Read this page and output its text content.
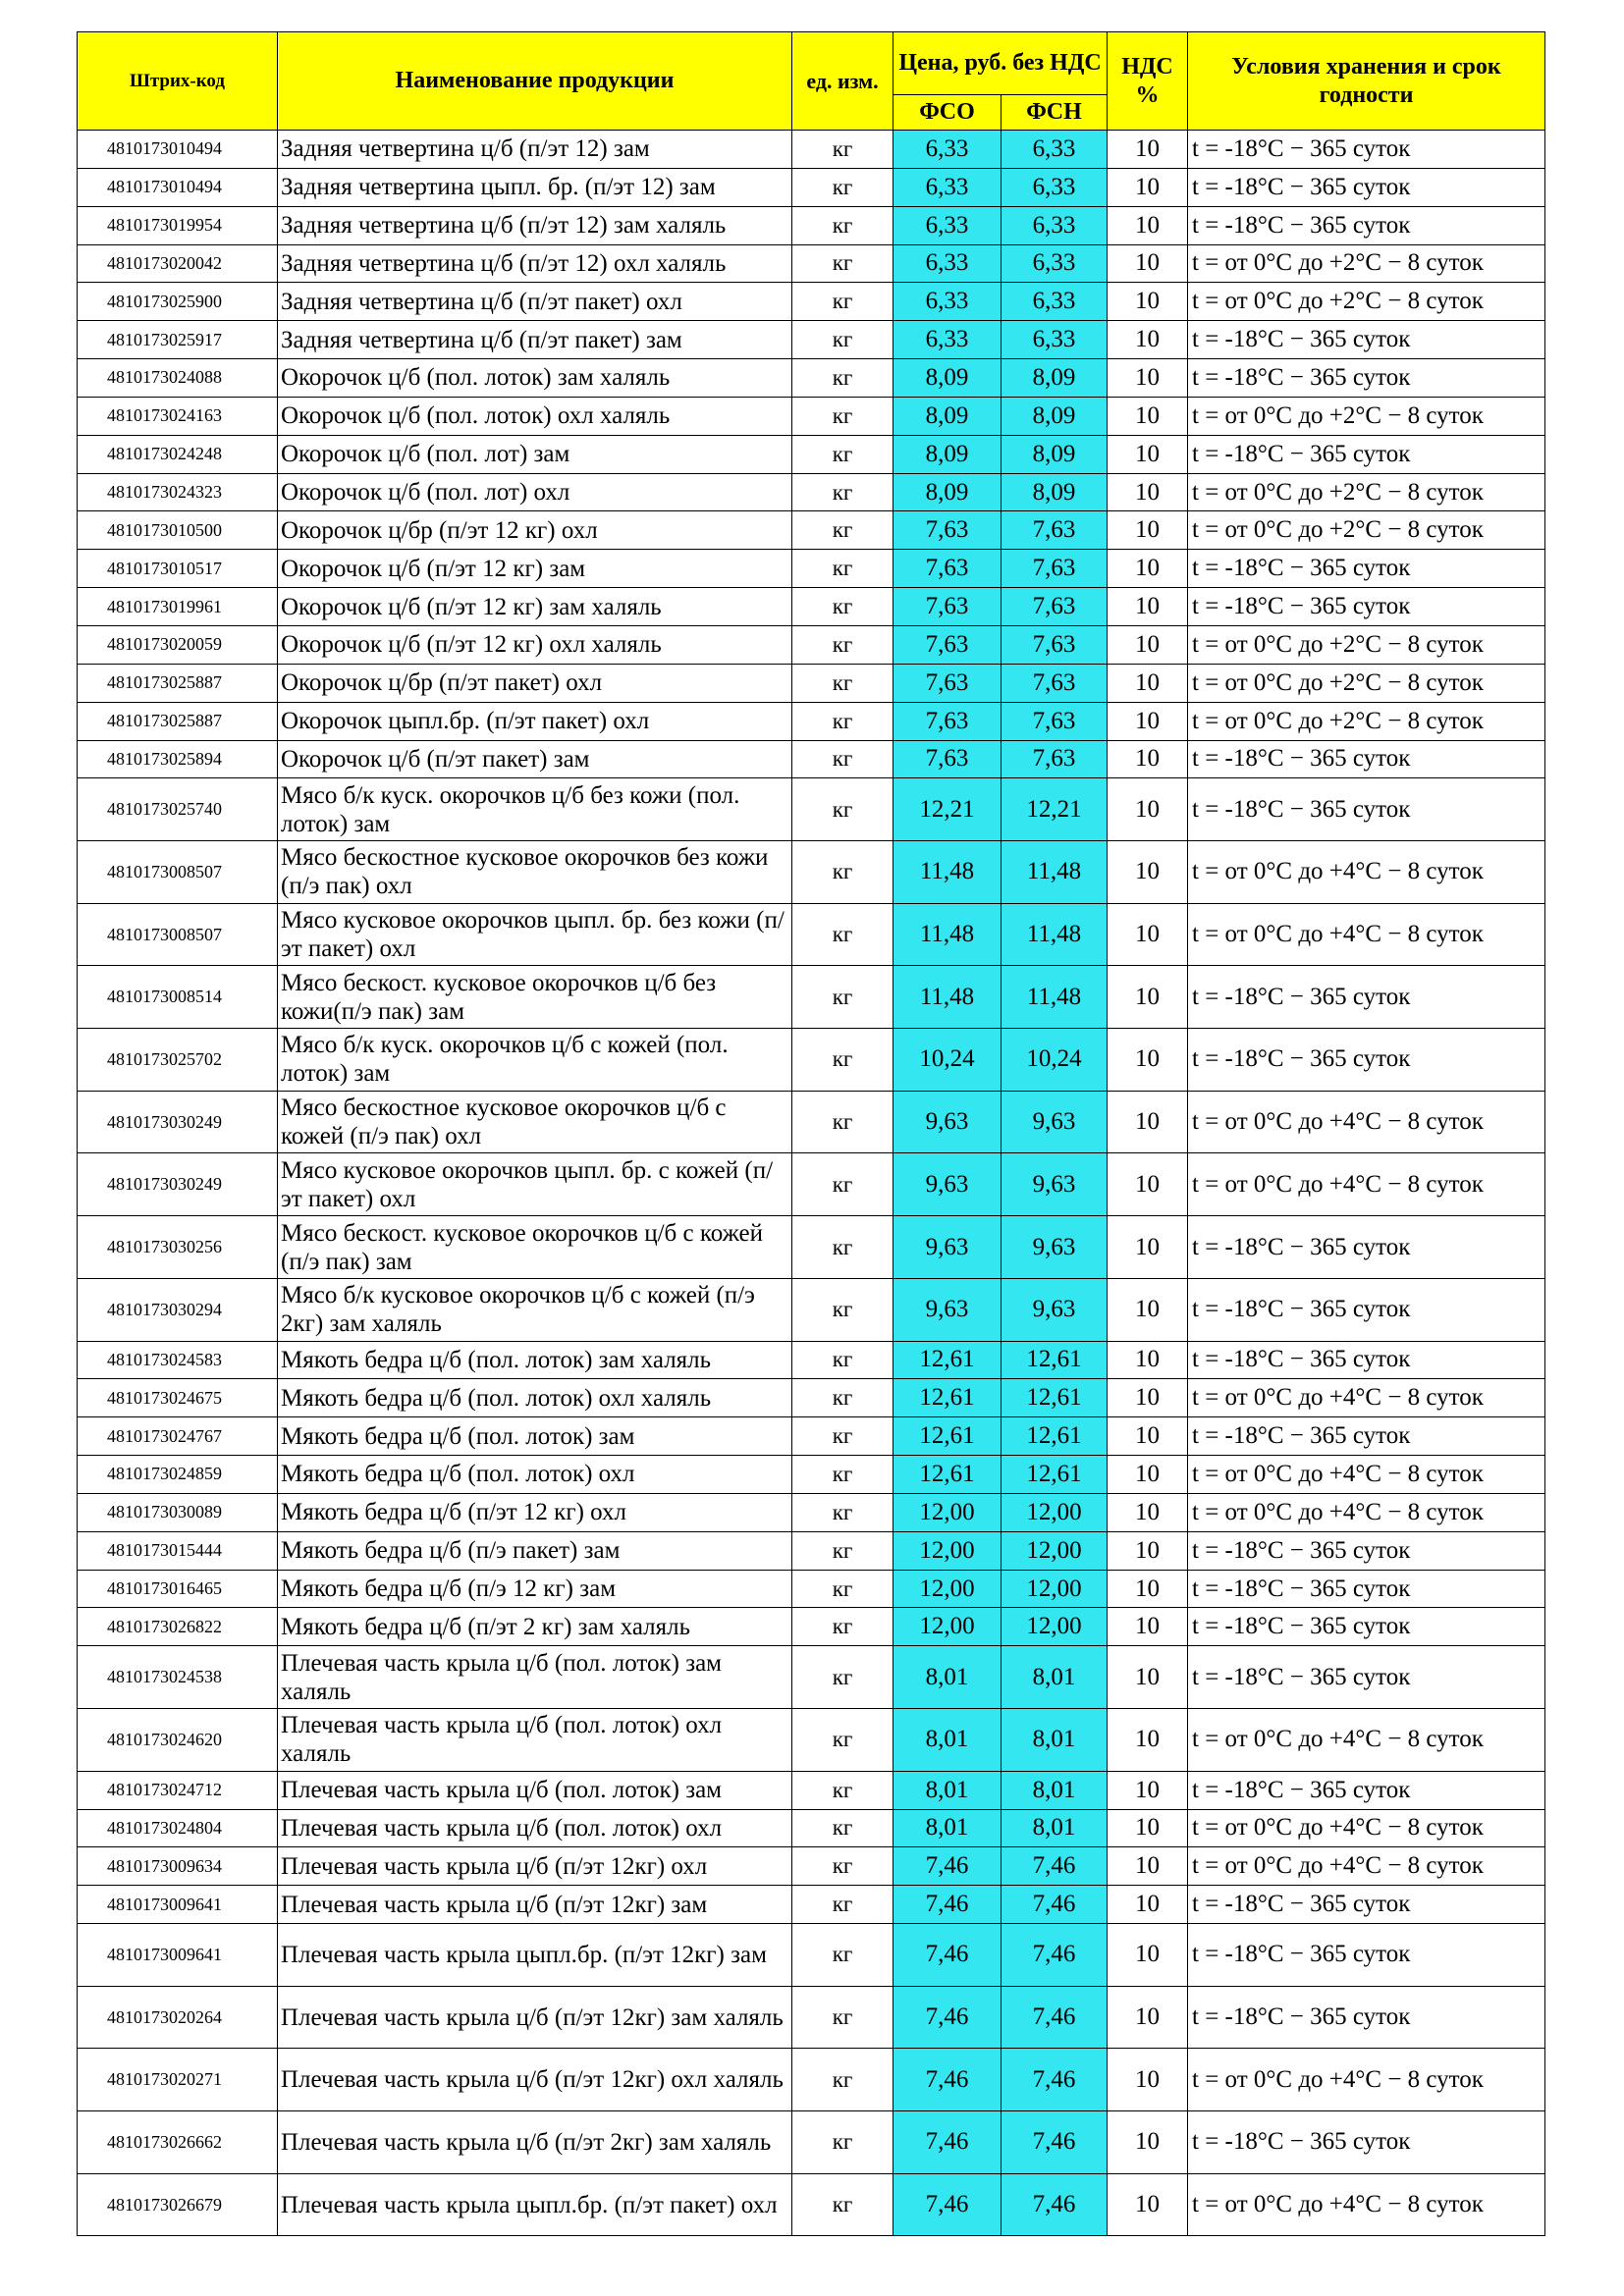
Штрих-код	Наименование продукции	ед. изм.	Цена, руб. без НДС		НДС %	Условия хранения и срок годности
			ФСО	ФСН		
4810173010494	Задняя четвертина ц/б (п/эт 12) зам	кг	6,33	6,33	10	t = -18°C − 365 суток
4810173010494	Задняя четвертина цыпл. бр. (п/эт 12) зам	кг	6,33	6,33	10	t = -18°C − 365 суток
4810173019954	Задняя четвертина ц/б (п/эт 12) зам халяль	кг	6,33	6,33	10	t = -18°C − 365 суток
4810173020042	Задняя четвертина ц/б (п/эт 12) охл халяль	кг	6,33	6,33	10	t = от 0°C до +2°C − 8 суток
4810173025900	Задняя четвертина ц/б (п/эт пакет) охл	кг	6,33	6,33	10	t = от 0°C до +2°C − 8 суток
4810173025917	Задняя четвертина ц/б (п/эт пакет) зам	кг	6,33	6,33	10	t = -18°C − 365 суток
4810173024088	Окорочок ц/б (пол. лоток) зам халяль	кг	8,09	8,09	10	t = -18°C − 365 суток
4810173024163	Окорочок ц/б (пол. лоток) охл халяль	кг	8,09	8,09	10	t = от 0°C до +2°C − 8 суток
4810173024248	Окорочок ц/б (пол. лот) зам	кг	8,09	8,09	10	t = -18°C − 365 суток
4810173024323	Окорочок ц/б (пол. лот) охл	кг	8,09	8,09	10	t = от 0°C до +2°C − 8 суток
4810173010500	Окорочок ц/бр (п/эт 12 кг) охл	кг	7,63	7,63	10	t = от 0°C до +2°C − 8 суток
4810173010517	Окорочок ц/б (п/эт 12 кг) зам	кг	7,63	7,63	10	t = -18°C − 365 суток
4810173019961	Окорочок ц/б (п/эт 12 кг) зам халяль	кг	7,63	7,63	10	t = -18°C − 365 суток
4810173020059	Окорочок ц/б (п/эт 12 кг) охл халяль	кг	7,63	7,63	10	t = от 0°C до +2°C − 8 суток
4810173025887	Окорочок ц/бр (п/эт пакет) охл	кг	7,63	7,63	10	t = от 0°C до +2°C − 8 суток
4810173025887	Окорочок цыпл.бр. (п/эт пакет) охл	кг	7,63	7,63	10	t = от 0°C до +2°C − 8 суток
4810173025894	Окорочок ц/б (п/эт пакет) зам	кг	7,63	7,63	10	t = -18°C − 365 суток
4810173025740	Мясо б/к куск. окорочков ц/б без кожи (пол. лоток) зам	кг	12,21	12,21	10	t = -18°C − 365 суток
4810173008507	Мясо бескостное кусковое окорочков без кожи (п/э пак) охл	кг	11,48	11,48	10	t = от 0°C до +4°C − 8 суток
4810173008507	Мясо кусковое окорочков цыпл. бр. без кожи (п/эт пакет) охл	кг	11,48	11,48	10	t = от 0°C до +4°C − 8 суток
4810173008514	Мясо бескост. кусковое окорочков ц/б без кожи(п/э пак) зам	кг	11,48	11,48	10	t = -18°C − 365 суток
4810173025702	Мясо б/к куск. окорочков ц/б с кожей (пол. лоток) зам	кг	10,24	10,24	10	t = -18°C − 365 суток
4810173030249	Мясо бескостное кусковое окорочков ц/б с кожей (п/э пак) охл	кг	9,63	9,63	10	t = от 0°C до +4°C − 8 суток
4810173030249	Мясо кусковое окорочков цыпл. бр. с кожей (п/эт пакет) охл	кг	9,63	9,63	10	t = от 0°C до +4°C − 8 суток
4810173030256	Мясо бескост. кусковое окорочков ц/б с кожей (п/э пак) зам	кг	9,63	9,63	10	t = -18°C − 365 суток
4810173030294	Мясо б/к кусковое окорочков ц/б с кожей (п/э 2кг) зам халяль	кг	9,63	9,63	10	t = -18°C − 365 суток
4810173024583	Мякоть бедра ц/б (пол. лоток) зам халяль	кг	12,61	12,61	10	t = -18°C − 365 суток
4810173024675	Мякоть бедра ц/б (пол. лоток) охл халяль	кг	12,61	12,61	10	t = от 0°C до +4°C − 8 суток
4810173024767	Мякоть бедра ц/б (пол. лоток) зам	кг	12,61	12,61	10	t = -18°C − 365 суток
4810173024859	Мякоть бедра ц/б (пол. лоток) охл	кг	12,61	12,61	10	t = от 0°C до +4°C − 8 суток
4810173030089	Мякоть бедра ц/б (п/эт 12 кг) охл	кг	12,00	12,00	10	t = от 0°C до +4°C − 8 суток
4810173015444	Мякоть бедра ц/б (п/э пакет) зам	кг	12,00	12,00	10	t = -18°C − 365 суток
4810173016465	Мякоть бедра ц/б (п/э 12 кг) зам	кг	12,00	12,00	10	t = -18°C − 365 суток
4810173026822	Мякоть бедра ц/б (п/эт 2 кг) зам халяль	кг	12,00	12,00	10	t = -18°C − 365 суток
4810173024538	Плечевая часть крыла ц/б (пол. лоток) зам халяль	кг	8,01	8,01	10	t = -18°C − 365 суток
4810173024620	Плечевая часть крыла ц/б (пол. лоток) охл халяль	кг	8,01	8,01	10	t = от 0°C до +4°C − 8 суток
4810173024712	Плечевая часть крыла ц/б (пол. лоток) зам	кг	8,01	8,01	10	t = -18°C − 365 суток
4810173024804	Плечевая часть крыла ц/б (пол. лоток) охл	кг	8,01	8,01	10	t = от 0°C до +4°C − 8 суток
4810173009634	Плечевая часть крыла ц/б (п/эт 12кг) охл	кг	7,46	7,46	10	t = от 0°C до +4°C − 8 суток
4810173009641	Плечевая часть крыла ц/б (п/эт 12кг) зам	кг	7,46	7,46	10	t = -18°C − 365 суток
4810173009641	Плечевая часть крыла цыпл.бр. (п/эт 12кг) зам	кг	7,46	7,46	10	t = -18°C − 365 суток
4810173020264	Плечевая часть крыла ц/б (п/эт 12кг) зам халяль	кг	7,46	7,46	10	t = -18°C − 365 суток
4810173020271	Плечевая часть крыла ц/б (п/эт 12кг) охл халяль	кг	7,46	7,46	10	t = от 0°C до +4°C − 8 суток
4810173026662	Плечевая часть крыла ц/б (п/эт 2кг) зам халяль	кг	7,46	7,46	10	t = -18°C − 365 суток
4810173026679	Плечевая часть крыла цыпл.бр. (п/эт пакет) охл	кг	7,46	7,46	10	t = от 0°C до +4°C − 8 суток
